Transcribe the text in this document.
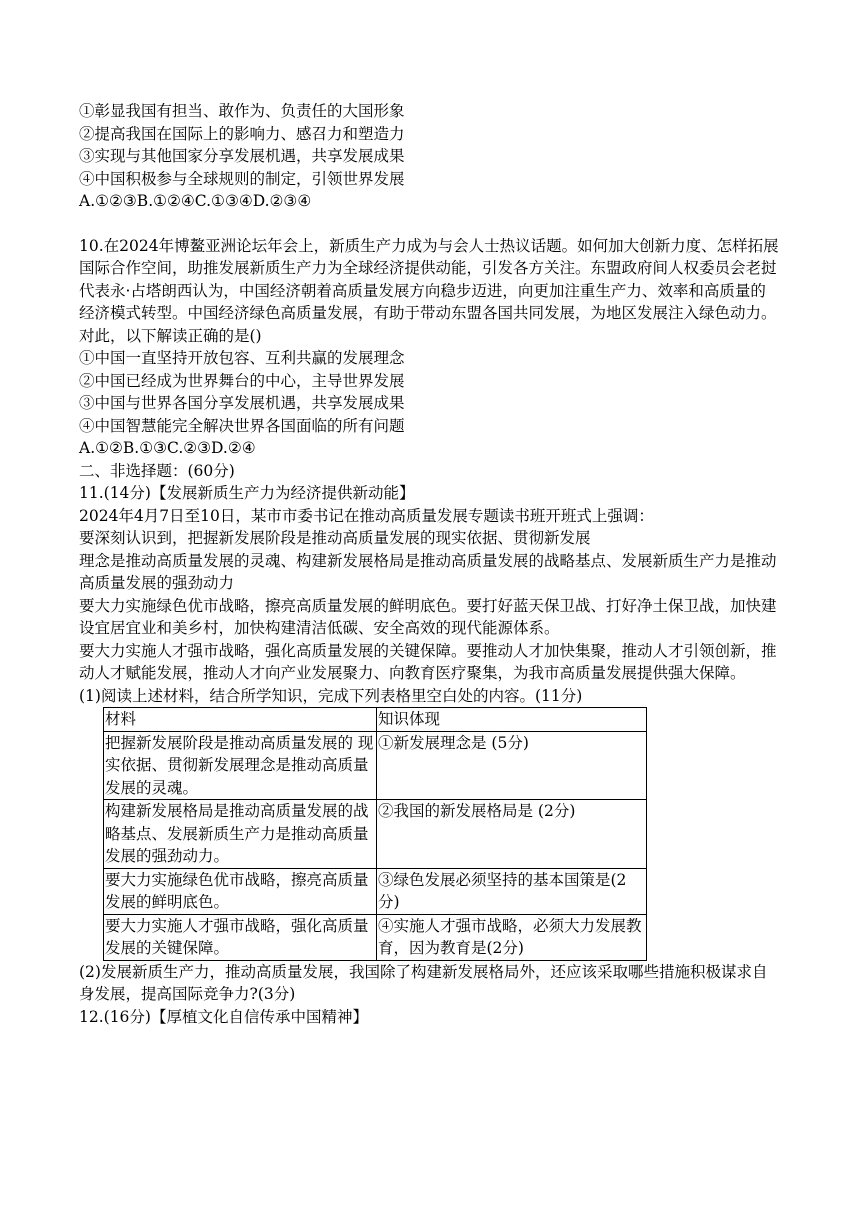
①彰显我国有担当、敢作为、负责任的大国形象
②提高我国在国际上的影响力、感召力和塑造力
③实现与其他国家分享发展机遇，共享发展成果
④中国积极参与全球规则的制定，引领世界发展
A.①②③B.①②④C.①③④D.②③④
10.在2024年博鳌亚洲论坛年会上，新质生产力成为与会人士热议话题。如何加大创新力度、怎样拓展国际合作空间，助推发展新质生产力为全球经济提供动能，引发各方关注。东盟政府间人权委员会老挝代表永·占塔朗西认为，中国经济朝着高质量发展方向稳步迈进，向更加注重生产力、效率和高质量的经济模式转型。中国经济绿色高质量发展，有助于带动东盟各国共同发展，为地区发展注入绿色动力。对此，以下解读正确的是()
①中国一直坚持开放包容、互利共赢的发展理念
②中国已经成为世界舞台的中心，主导世界发展
③中国与世界各国分享发展机遇，共享发展成果
④中国智慧能完全解决世界各国面临的所有问题
A.①②B.①③C.②③D.②④
二、非选择题：(60分)
11.(14分)【发展新质生产力为经济提供新动能】
2024年4月7日至10日，某市市委书记在推动高质量发展专题读书班开班式上强调：
要深刻认识到，把握新发展阶段是推动高质量发展的现实依据、贯彻新发展
理念是推动高质量发展的灵魂、构建新发展格局是推动高质量发展的战略基点、发展新质生产力是推动高质量发展的强劲动力
要大力实施绿色优市战略，擦亮高质量发展的鲜明底色。要打好蓝天保卫战、打好净土保卫战，加快建设宜居宜业和美乡村，加快构建清洁低碳、安全高效的现代能源体系。
要大力实施人才强市战略，强化高质量发展的关键保障。要推动人才加快集聚，推动人才引领创新，推动人才赋能发展，推动人才向产业发展聚力、向教育医疗聚集，为我市高质量发展提供强大保障。
(1)阅读上述材料，结合所学知识，完成下列表格里空白处的内容。(11分)
材料	知识体现
把握新发展阶段是推动高质量发展的 现实依据、贯彻新发展理念是推动高质量发展的灵魂。	①新发展理念是 (5分)
构建新发展格局是推动高质量发展的战略基点、发展新质生产力是推动高质量发展的强劲动力。	②我国的新发展格局是 (2分)
要大力实施绿色优市战略，擦亮高质量发展的鲜明底色。	③绿色发展必须坚持的基本国策是(2分)
要大力实施人才强市战略，强化高质量发展的关键保障。	④实施人才强市战略，必须大力发展教育，因为教育是(2分)
(2)发展新质生产力，推动高质量发展，我国除了构建新发展格局外，还应该采取哪些措施积极谋求自身发展，提高国际竞争力?(3分)
12.(16分)【厚植文化自信传承中国精神】
